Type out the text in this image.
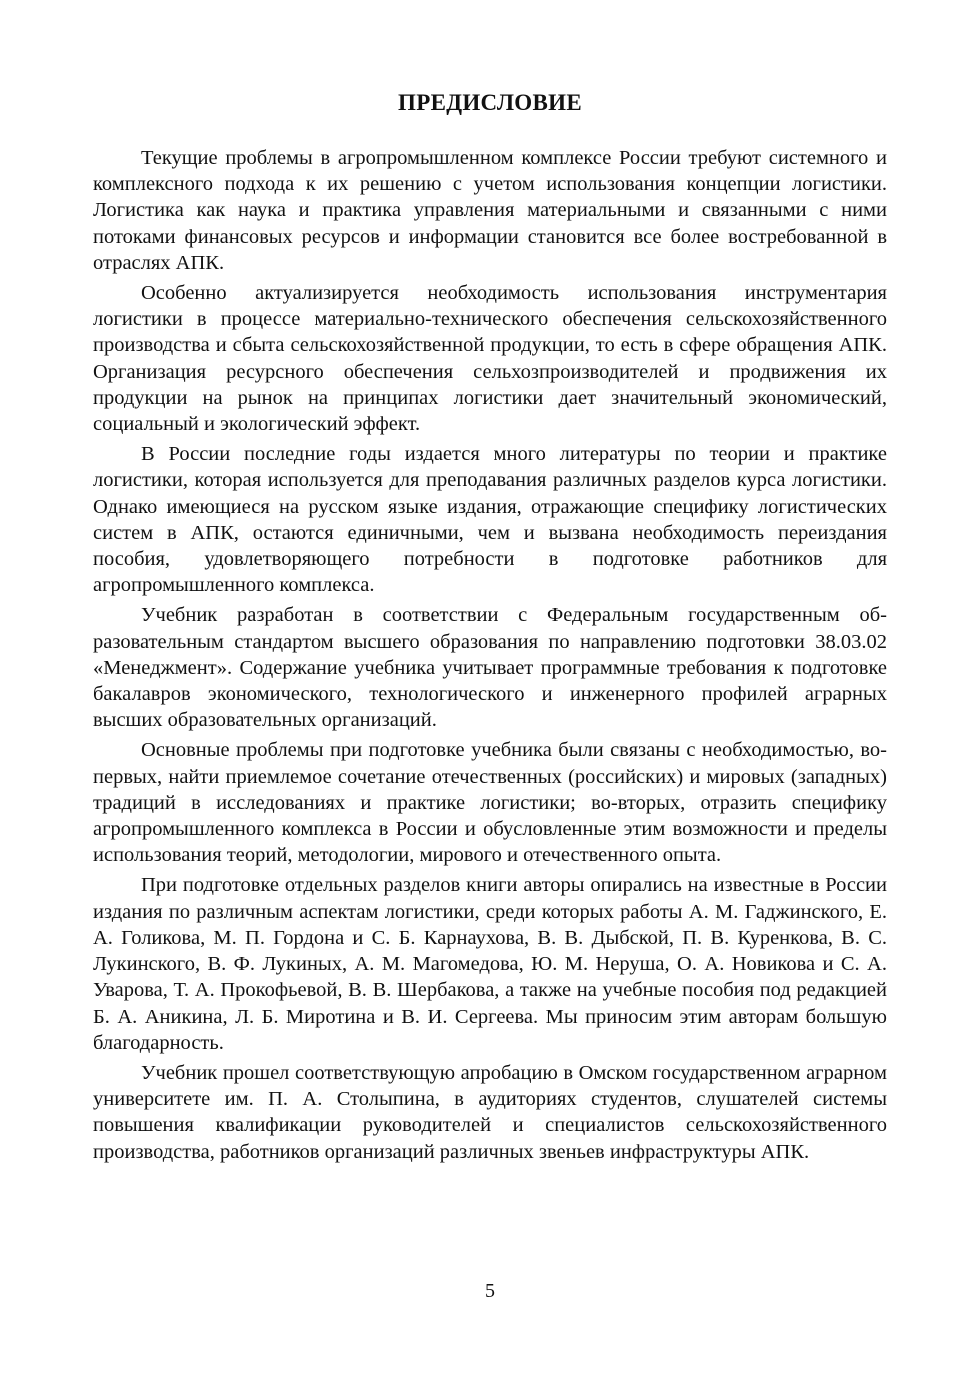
ПРЕДИСЛОВИЕ

Текущие проблемы в агропромышленном комплексе России требуют системного и комплексного подхода к их решению с учетом использования концепции логистики. Логистика как наука и практика управления материальными и связанными с ними потоками финансовых ресурсов и информации становится все более востребованной в отраслях АПК.

Особенно актуализируется необходимость использования инструментария логистики в процессе материально-технического обеспечения сельскохозяйственного производства и сбыта сельскохозяйственной продукции, то есть в сфере обращения АПК. Организация ресурсного обеспечения сельхозпроизводителей и продвижения их продукции на рынок на принципах логистики дает значительный экономический, социальный и экологический эффект.

В России последние годы издается много литературы по теории и практике логистики, которая используется для преподавания различных разделов курса логистики. Однако имеющиеся на русском языке издания, отражающие специфику логистических систем в АПК, остаются единичными, чем и вызвана необходимость переиздания пособия, удовлетворяющего потребности в подготовке работников для агропромышленного комплекса.

Учебник разработан в соответствии с Федеральным государственным образовательным стандартом высшего образования по направлению подготовки 38.03.02 «Менеджмент». Содержание учебника учитывает программные требования к подготовке бакалавров экономического, технологического и инженерного профилей аграрных высших образовательных организаций.

Основные проблемы при подготовке учебника были связаны с необходимостью, во-первых, найти приемлемое сочетание отечественных (российских) и мировых (западных) традиций в исследованиях и практике логистики; во-вторых, отразить специфику агропромышленного комплекса в России и обусловленные этим возможности и пределы использования теорий, методологии, мирового и отечественного опыта.

При подготовке отдельных разделов книги авторы опирались на известные в России издания по различным аспектам логистики, среди которых работы А. М. Гаджинского, Е. А. Голикова, М. П. Гордона и С. Б. Карнаухова, В. В. Дыбской, П. В. Куренкова, В. С. Лукинского, В. Ф. Лукиных, А. М. Магомедова, Ю. М. Неруша, О. А. Новикова и С. А. Уварова, Т. А. Прокофьевой, В. В. Шербакова, а также на учебные пособия под редакцией Б. А. Аникина, Л. Б. Миротина и В. И. Сергеева. Мы приносим этим авторам большую благодарность.

Учебник прошел соответствующую апробацию в Омском государственном аграрном университете им. П. А. Столыпина, в аудиториях студентов, слушателей системы повышения квалификации руководителей и специалистов сельскохозяйственного производства, работников организаций различных звеньев инфраструктуры АПК.

5
